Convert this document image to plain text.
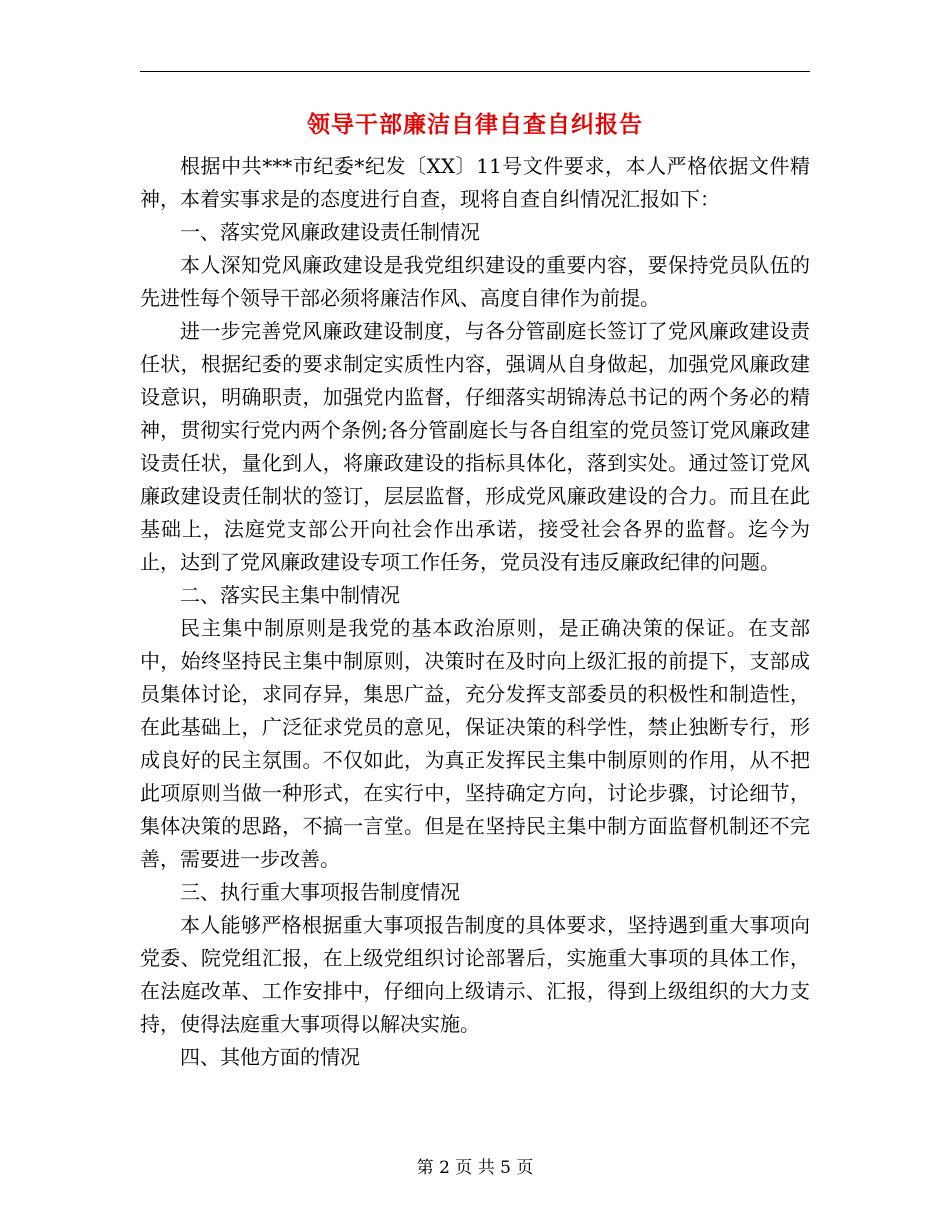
领导干部廉洁自律自查自纠报告

根据中共***市纪委*纪发〔XX〕11号文件要求，本人严格依据文件精神，本着实事求是的态度进行自查，现将自查自纠情况汇报如下：

一、落实党风廉政建设责任制情况

本人深知党风廉政建设是我党组织建设的重要内容，要保持党员队伍的先进性每个领导干部必须将廉洁作风、高度自律作为前提。

进一步完善党风廉政建设制度，与各分管副庭长签订了党风廉政建设责任状，根据纪委的要求制定实质性内容，强调从自身做起，加强党风廉政建设意识，明确职责，加强党内监督，仔细落实胡锦涛总书记的两个务必的精神，贯彻实行党内两个条例;各分管副庭长与各自组室的党员签订党风廉政建设责任状，量化到人，将廉政建设的指标具体化，落到实处。通过签订党风廉政建设责任制状的签订，层层监督，形成党风廉政建设的合力。而且在此基础上，法庭党支部公开向社会作出承诺，接受社会各界的监督。迄今为止，达到了党风廉政建设专项工作任务，党员没有违反廉政纪律的问题。

二、落实民主集中制情况

民主集中制原则是我党的基本政治原则，是正确决策的保证。在支部中，始终坚持民主集中制原则，决策时在及时向上级汇报的前提下，支部成员集体讨论，求同存异，集思广益，充分发挥支部委员的积极性和制造性，在此基础上，广泛征求党员的意见，保证决策的科学性，禁止独断专行，形成良好的民主氛围。不仅如此，为真正发挥民主集中制原则的作用，从不把此项原则当做一种形式，在实行中，坚持确定方向，讨论步骤，讨论细节，集体决策的思路，不搞一言堂。但是在坚持民主集中制方面监督机制还不完善，需要进一步改善。

三、执行重大事项报告制度情况

本人能够严格根据重大事项报告制度的具体要求，坚持遇到重大事项向党委、院党组汇报，在上级党组织讨论部署后，实施重大事项的具体工作，在法庭改革、工作安排中，仔细向上级请示、汇报，得到上级组织的大力支持，使得法庭重大事项得以解决实施。

四、其他方面的情况

第 2 页 共 5 页
